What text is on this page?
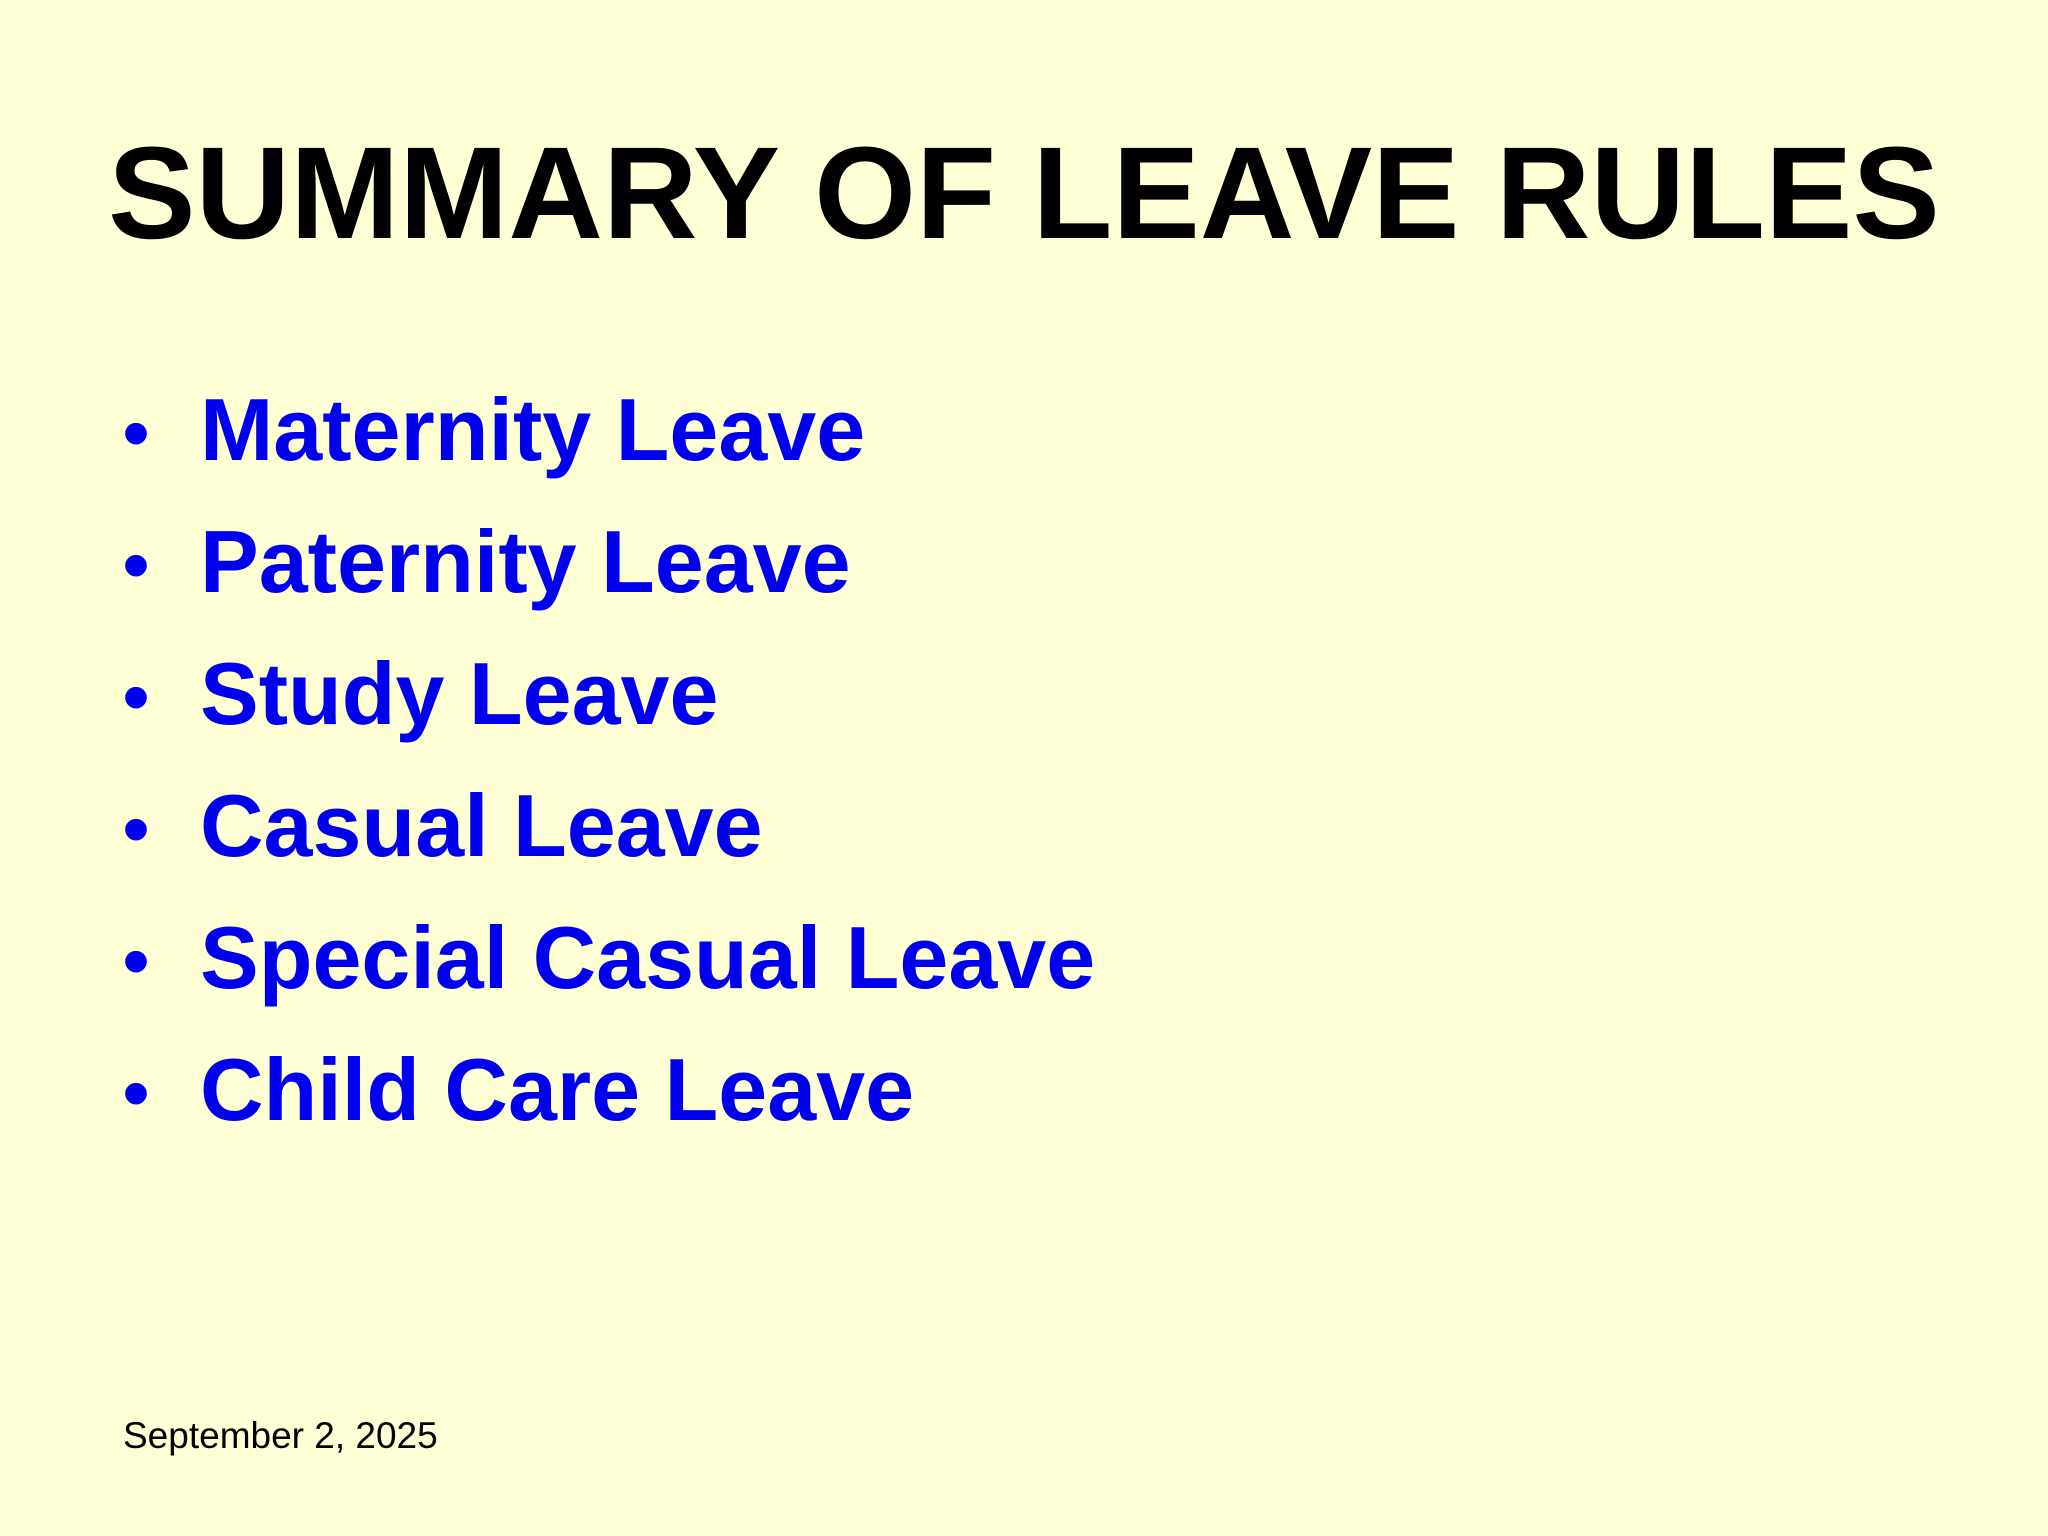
SUMMARY OF LEAVE RULES
• Maternity Leave
• Paternity Leave
• Study Leave
• Casual Leave
• Special Casual Leave
• Child Care Leave
September 2, 2025
